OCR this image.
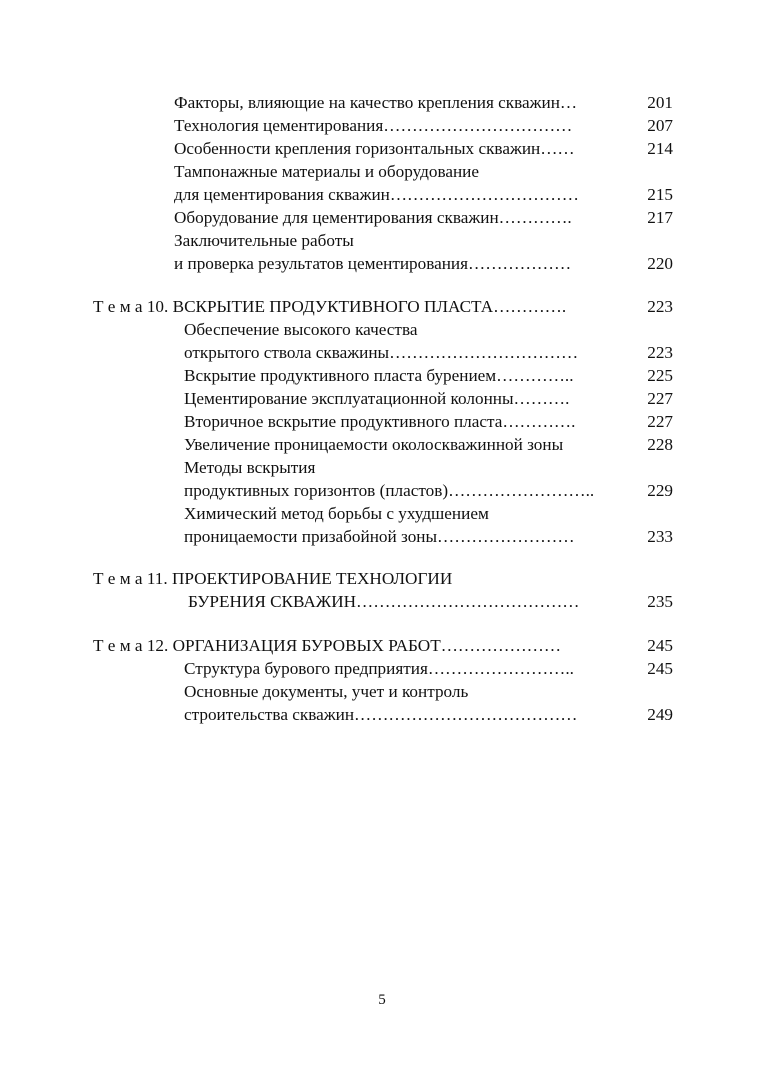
Факторы, влияющие на качество крепления скважин…	201
Технология цементирования……………………………	207
Особенности крепления горизонтальных скважин……	214
Тампонажные материалы и оборудование
для цементирования скважин……………………………	215
Оборудование для цементирования скважин………….	217
Заключительные работы
и проверка результатов цементирования………………	220
Т е м а 10. ВСКРЫТИЕ ПРОДУКТИВНОГО ПЛАСТА………….	223
Обеспечение высокого качества
открытого ствола скважины……………………………	223
Вскрытие продуктивного пласта бурением…………..	225
Цементирование эксплуатационной колонны……….	227
Вторичное вскрытие продуктивного пласта………….	227
Увеличение проницаемости околоскважинной зоны	228
Методы вскрытия
продуктивных горизонтов (пластов)……………………..	229
Химический метод борьбы с ухудшением
проницаемости призабойной зоны……………………	233
Т е м а 11. ПРОЕКТИРОВАНИЕ ТЕХНОЛОГИИ
БУРЕНИЯ СКВАЖИН…………………………………	235
Т е м а 12. ОРГАНИЗАЦИЯ БУРОВЫХ РАБОТ…………………	245
Структура бурового предприятия……………………..	245
Основные документы, учет и контроль
строительства скважин…………………………………	249
5
